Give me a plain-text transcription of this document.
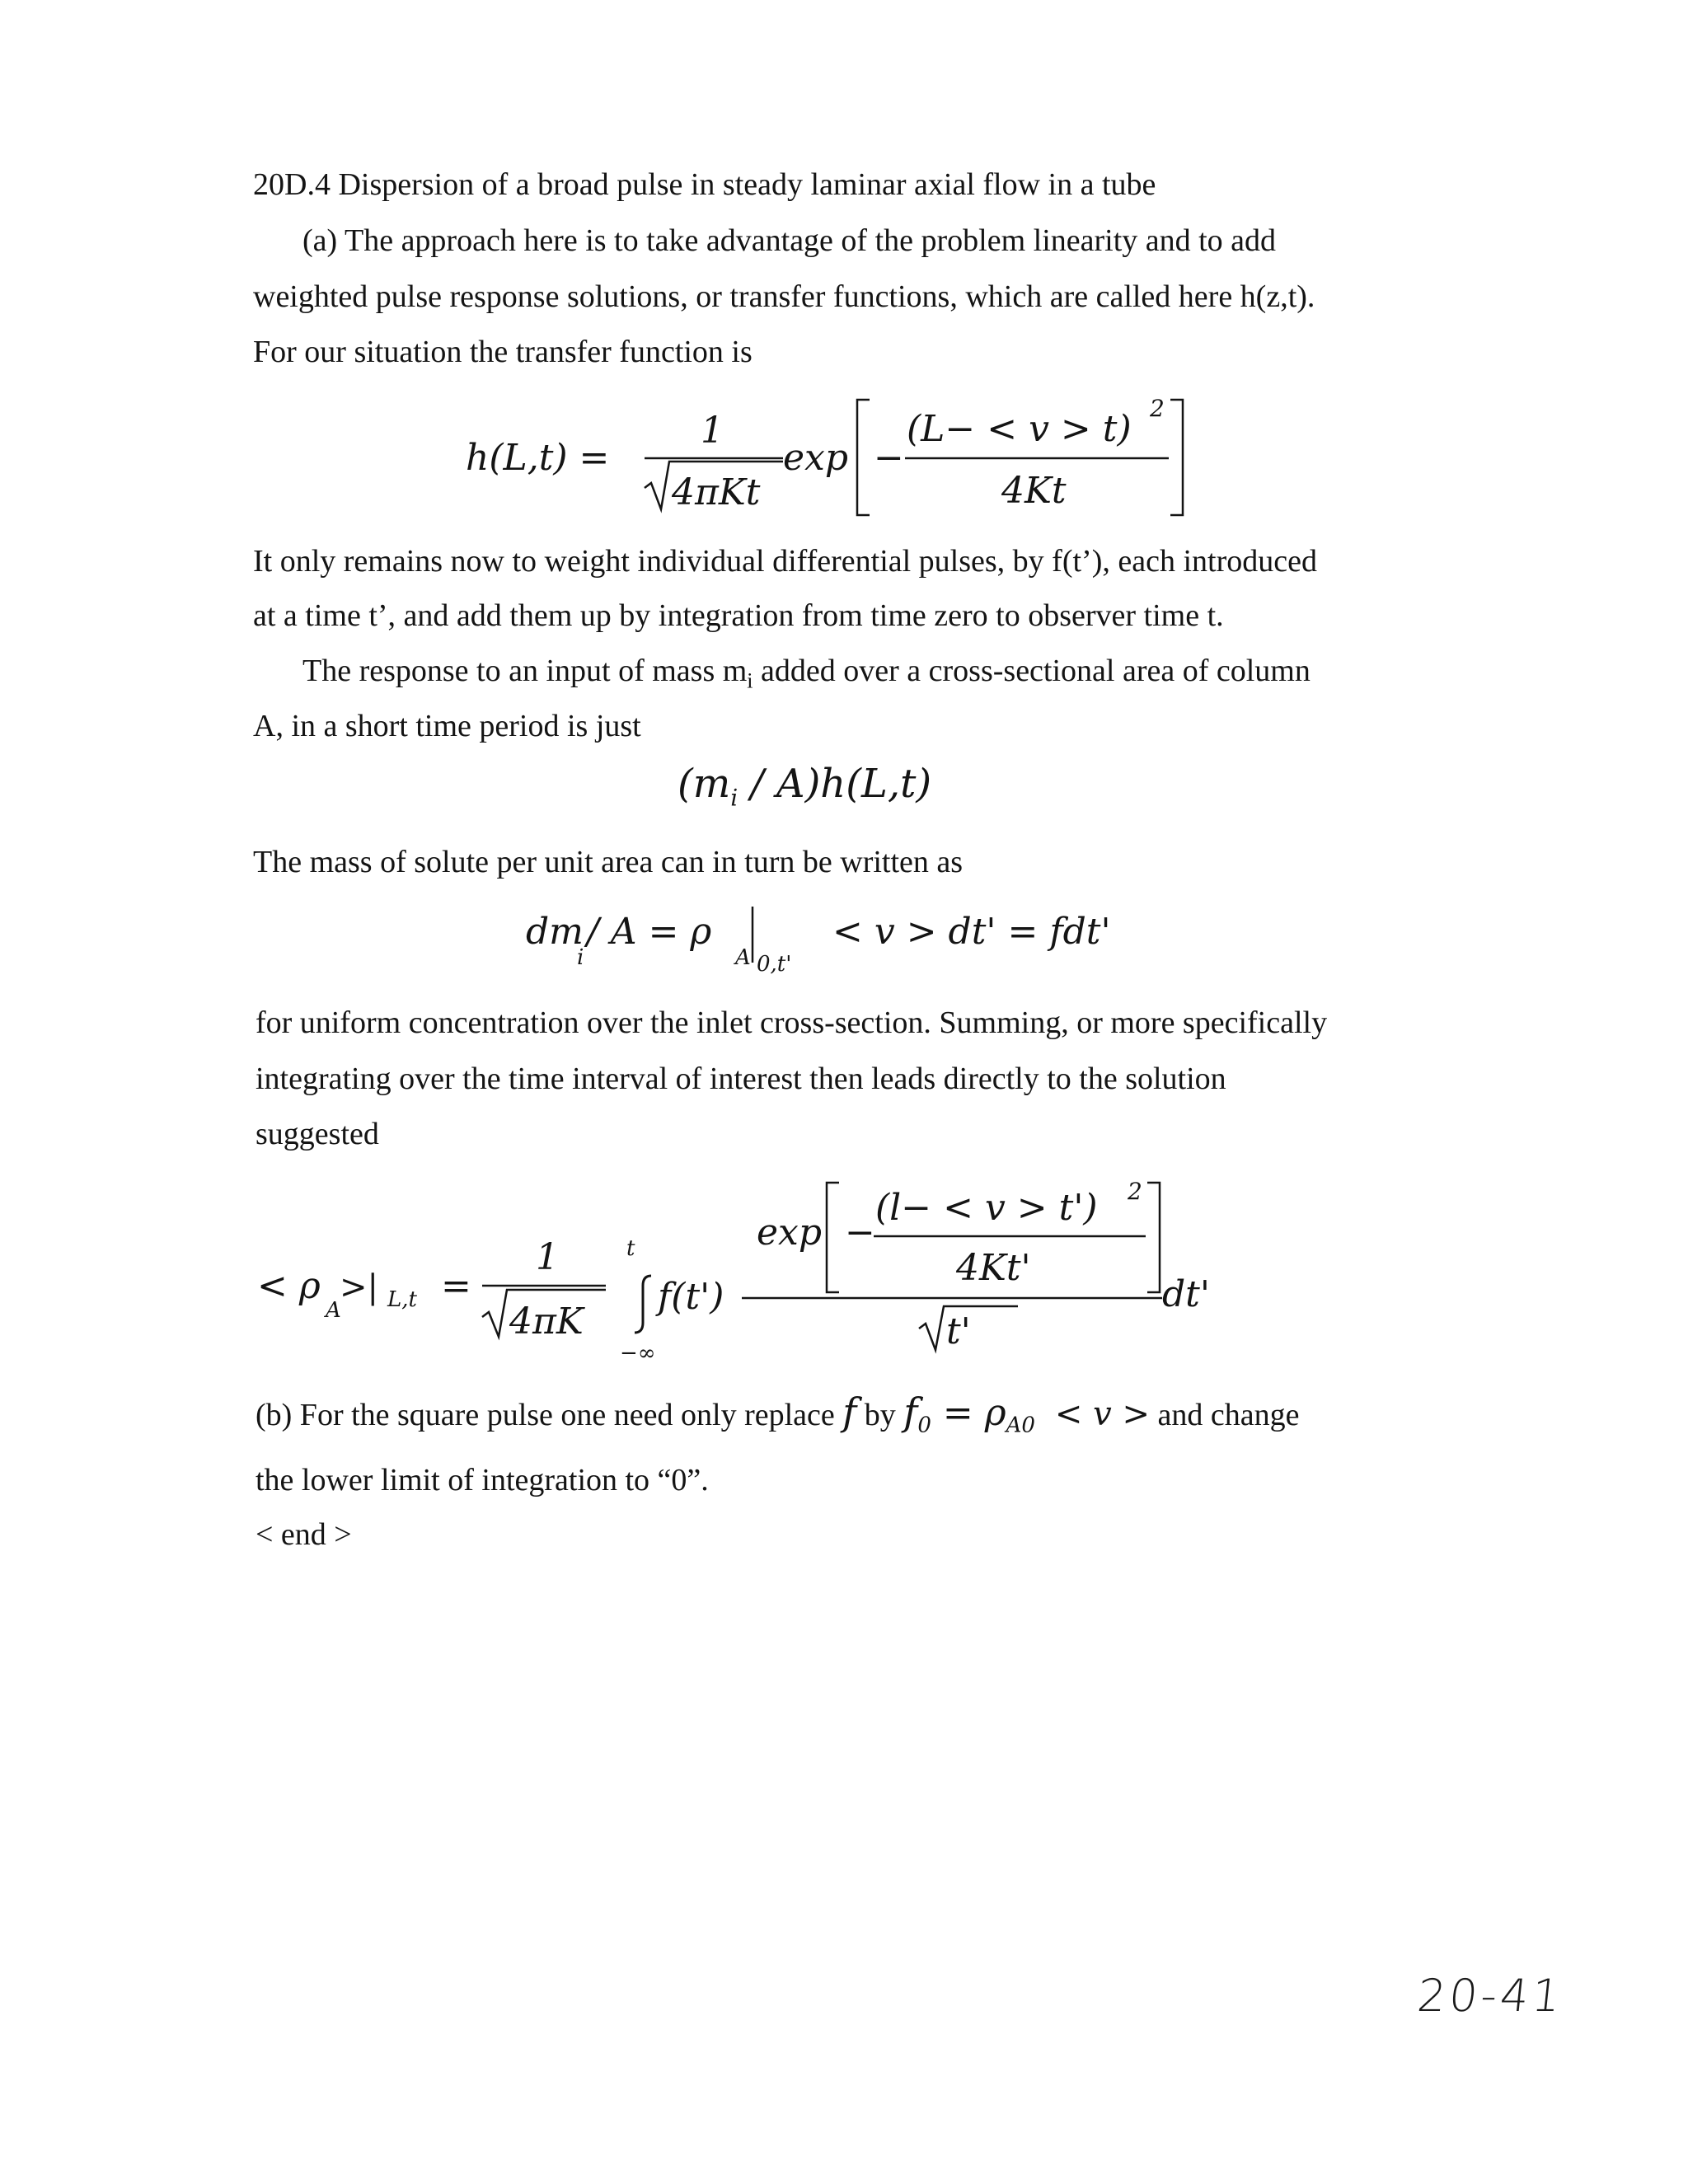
20D.4 Dispersion of a broad pulse in steady laminar axial flow in a tube
(a) The approach here is to take advantage of the problem linearity and to add
weighted pulse response solutions, or transfer functions, which are called here h(z,t).
For our situation the transfer function is
h(L,t) =
1
4πKt
exp −
(L− < v > t) 2
4Kt
It only remains now to weight individual differential pulses, by f(t’), each introduced
at a time t’, and add them up by integration from time zero to observer time t.
The response to an input of mass $m_i$ added over a cross-sectional area of column
A, in a short time period is just
$(m_i / A)h(L,t)$
The mass of solute per unit area can in turn be written as
dm
i
/ A = ρ
A 0,t'
< v > dt' = fdt'
for uniform concentration over the inlet cross-section. Summing, or more specifically
integrating over the time interval of interest then leads directly to the solution
suggested
< ρ
A
>| L,t =
1
4πK
t
−∞
f(t')
exp −
(l− < v > t') 2
4Kt'
t'
dt'
(b) For the square pulse one need only replace f by $f_0 = \rho_{A0} < v$ > and change
the lower limit of integration to “0”.
< end >
20-41
